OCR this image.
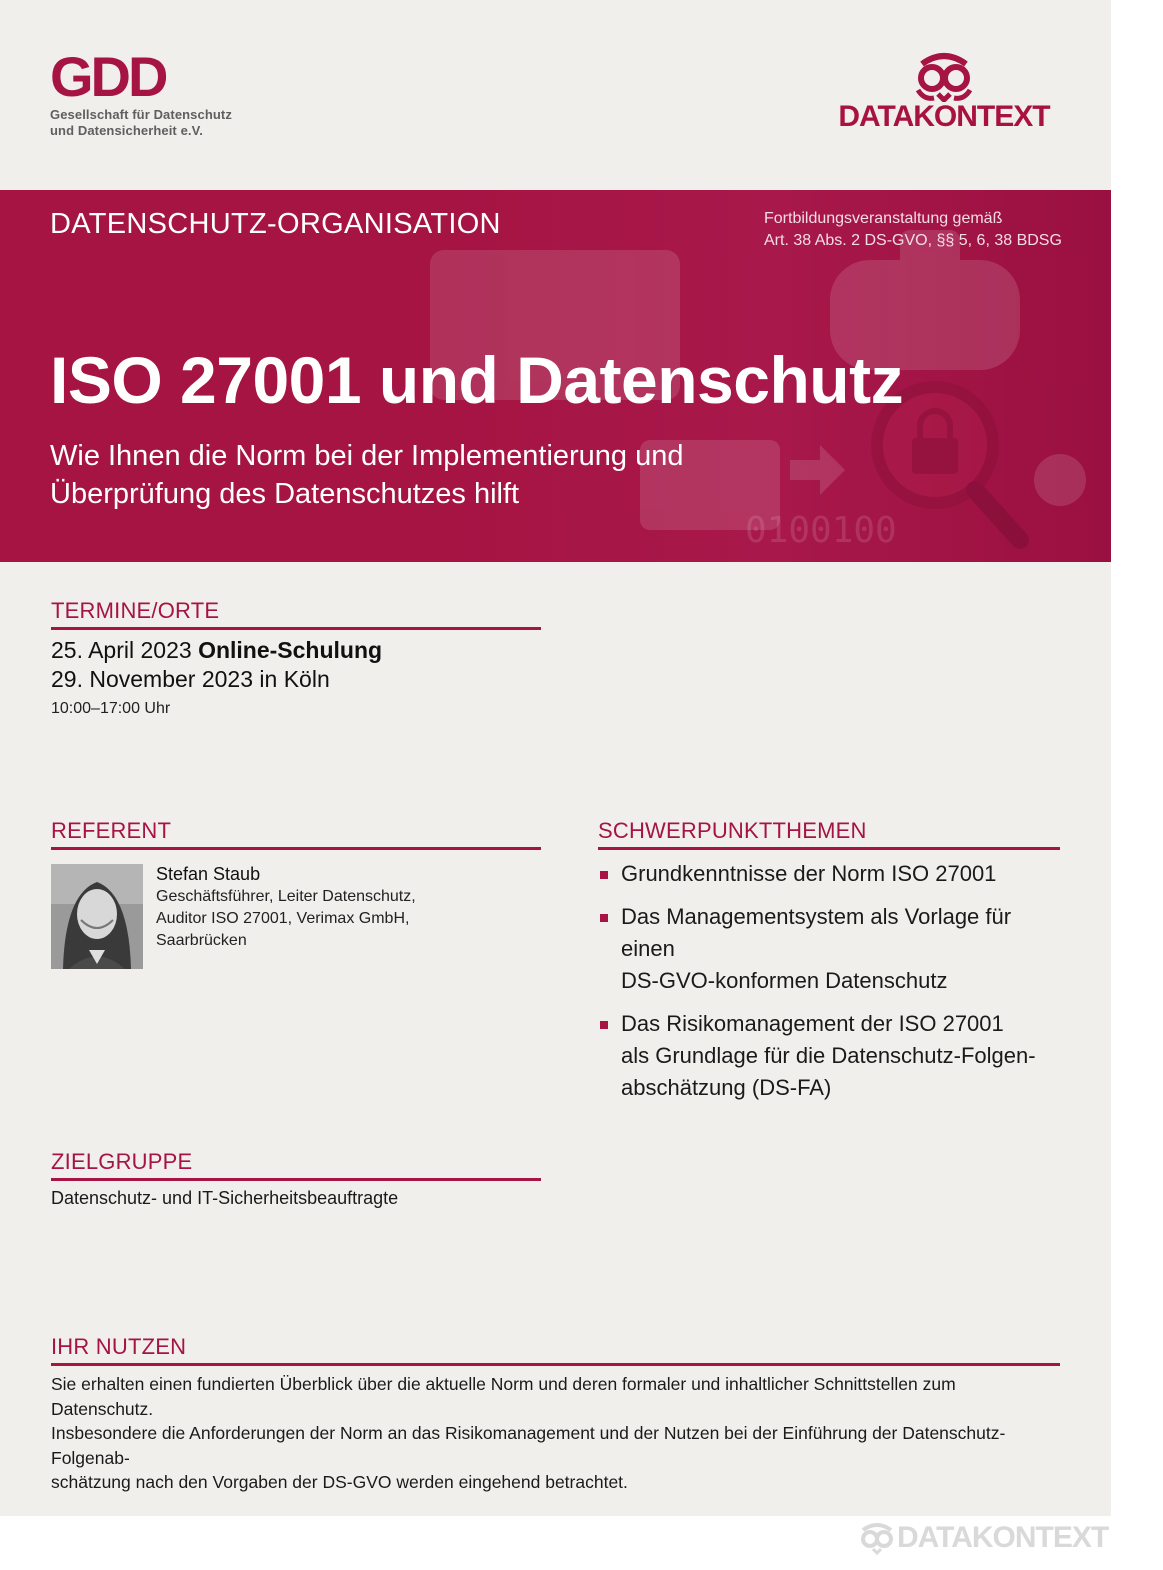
GDD
Gesellschaft für Datenschutz
und Datensicherheit e.V.	DATAKONTEXT
0100100
DATENSCHUTZ-ORGANISATION	Fortbildungsveranstaltung gemäß
Art. 38 Abs. 2 DS-GVO, §§ 5, 6, 38 BDSG
ISO 27001 und Datenschutz
Wie Ihnen die Norm bei der Implementierung und
Überprüfung des Datenschutzes hilft
TERMINE/ORTE
25. April 2023 Online-Schulung
29. November 2023 in Köln
10:00–17:00 Uhr
REFERENT
Stefan Staub
Geschäftsführer, Leiter Datenschutz,
Auditor ISO 27001, Verimax GmbH,
Saarbrücken
SCHWERPUNKTTHEMEN
Grundkenntnisse der Norm ISO 27001
Das Managementsystem als Vorlage für einen
DS-GVO-konformen Datenschutz
Das Risikomanagement der ISO 27001
als Grundlage für die Datenschutz-Folgen-
abschätzung (DS-FA)
ZIELGRUPPE
Datenschutz- und IT-Sicherheitsbeauftragte
IHR NUTZEN
Sie erhalten einen fundierten Überblick über die aktuelle Norm und deren formaler und inhaltlicher Schnittstellen zum Datenschutz.
Insbesondere die Anforderungen der Norm an das Risikomanagement und der Nutzen bei der Einführung der Datenschutz-Folgenab-
schätzung nach den Vorgaben der DS-GVO werden eingehend betrachtet.
DATAKONTEXT
